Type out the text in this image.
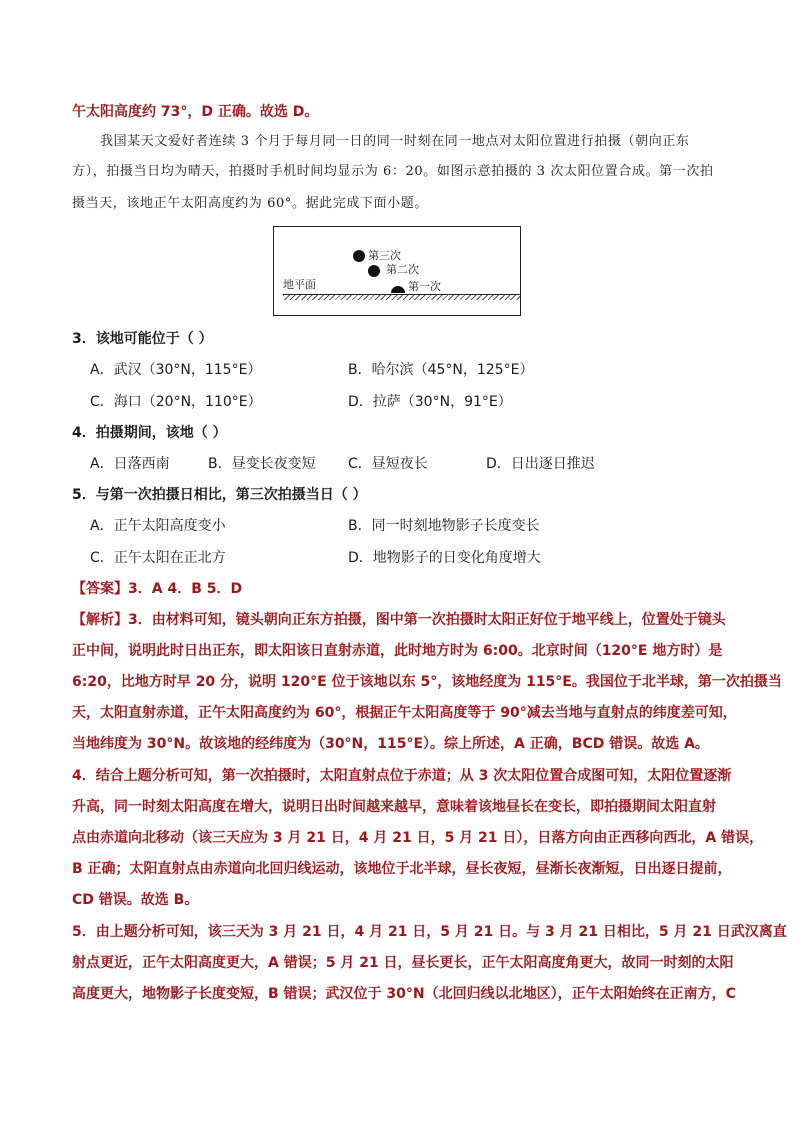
午太阳高度约 73°，D 正确。故选 D。
我国某天文爱好者连续 3 个月于每月同一日的同一时刻在同一地点对太阳位置进行拍摄（朝向正东
方），拍摄当日均为晴天，拍摄时手机时间均显示为 6：20。如图示意拍摄的 3 次太阳位置合成。第一次拍
摄当天，该地正午太阳高度约为 60°。据此完成下面小题。
第三次
第二次
地平面	第一次
3．该地可能位于（ ）
A．武汉（30°N，115°E）	B．哈尔滨（45°N，125°E）
C．海口（20°N，110°E）	D．拉萨（30°N，91°E）
4．拍摄期间，该地（ ）
A．日落西南	B．昼变长夜变短 C．昼短夜长	D．日出逐日推迟
5．与第一次拍摄日相比，第三次拍摄当日（ ）
A．正午太阳高度变小	B．同一时刻地物影子长度变长
C．正午太阳在正北方	D．地物影子的日变化角度增大
【答案】3．A 4．B 5．D
【解析】3．由材料可知，镜头朝向正东方拍摄，图中第一次拍摄时太阳正好位于地平线上，位置处于镜头
正中间，说明此时日出正东，即太阳该日直射赤道，此时地方时为 6:00。北京时间（120°E 地方时）是
6:20，比地方时早 20 分，说明 120°E 位于该地以东 5°，该地经度为 115°E。我国位于北半球，第一次拍摄当
天，太阳直射赤道，正午太阳高度约为 60°，根据正午太阳高度等于 90°减去当地与直射点的纬度差可知，
当地纬度为 30°N。故该地的经纬度为（30°N，115°E）。综上所述，A 正确，BCD 错误。故选 A。
4．结合上题分析可知，第一次拍摄时，太阳直射点位于赤道；从 3 次太阳位置合成图可知，太阳位置逐渐
升高，同一时刻太阳高度在增大，说明日出时间越来越早，意味着该地昼长在变长，即拍摄期间太阳直射
点由赤道向北移动（该三天应为 3 月 21 日，4 月 21 日，5 月 21 日），日落方向由正西移向西北，A 错误，
B 正确；太阳直射点由赤道向北回归线运动，该地位于北半球，昼长夜短，昼渐长夜渐短，日出逐日提前，
CD 错误。故选 B。
5．由上题分析可知，该三天为 3 月 21 日，4 月 21 日，5 月 21 日。与 3 月 21 日相比，5 月 21 日武汉离直
射点更近，正午太阳高度更大，A 错误；5 月 21 日，昼长更长，正午太阳高度角更大，故同一时刻的太阳
高度更大，地物影子长度变短，B 错误；武汉位于 30°N（北回归线以北地区），正午太阳始终在正南方，C
